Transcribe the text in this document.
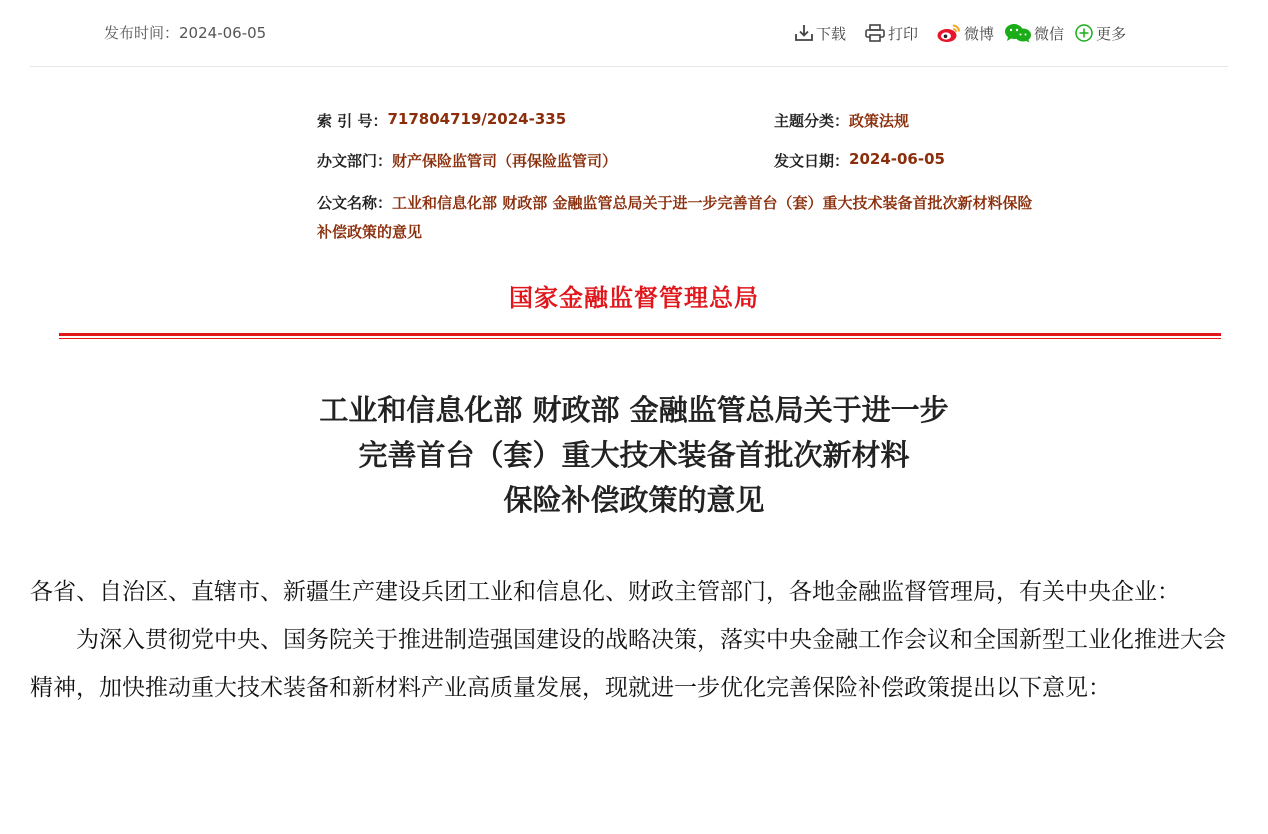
发布时间：2024-06-05	下载	打印	微博	微信 更多
索 引 号： 717804719/2024-335	主题分类： 政策法规
办文部门： 财产保险监管司（再保险监管司）	发文日期： 2024-06-05
公文名称：工业和信息化部 财政部 金融监管总局关于进一步完善首台（套）重大技术装备首批次新材料保险补偿政策的意见
国家金融监督管理总局
工业和信息化部 财政部 金融监管总局关于进一步
完善首台（套）重大技术装备首批次新材料
保险补偿政策的意见

各省、自治区、直辖市、新疆生产建设兵团工业和信息化、财政主管部门，各地金融监督管理局，有关中央企业：

为深入贯彻党中央、国务院关于推进制造强国建设的战略决策，落实中央金融工作会议和全国新型工业化推进大会精神，加快推动重大技术装备和新材料产业高质量发展，现就进一步优化完善保险补偿政策提出以下意见：
